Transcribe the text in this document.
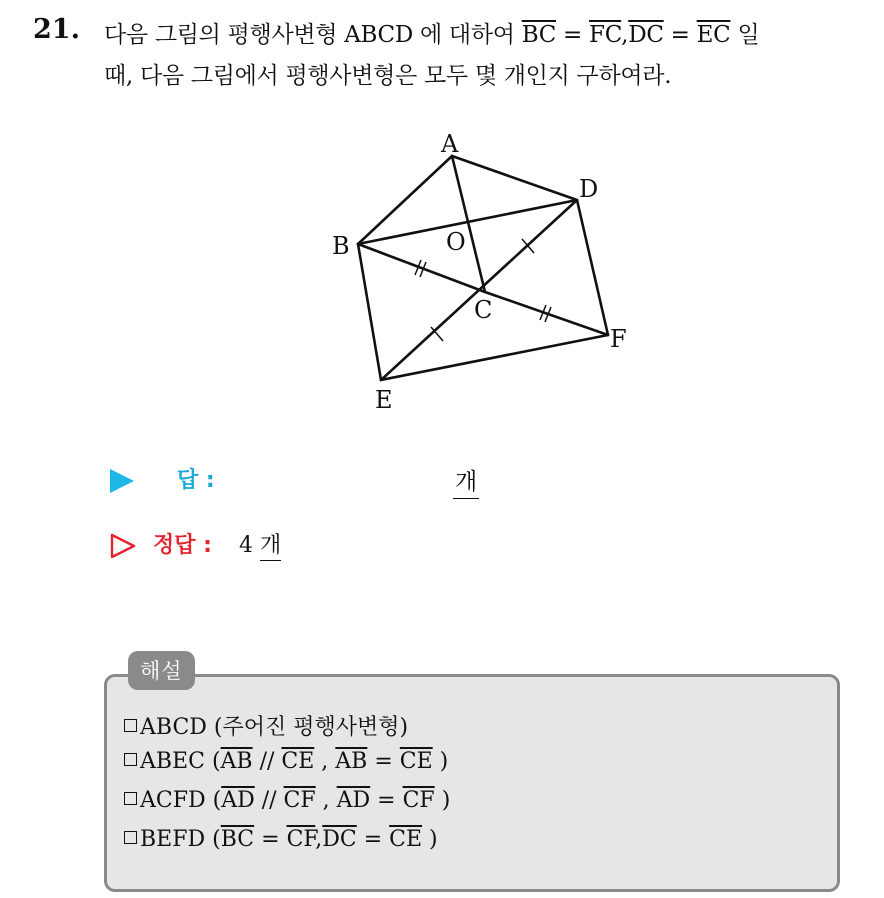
21. 다음 그림의 평행사변형 ABCD 에 대하여 $\overline{BC} = \overline{FC},\overline{DC} = \overline{EC}$ 일
때, 다음 그림에서 평행사변형은 모두 몇 개인지 구하여라.
A
B
C
D
E
F
O
답 :	개
정답 : 4 개
해설
ABCD (주어진 평행사변형)
ABEC ($\overline{AB} // \overline{CE}$ , $\overline{AB} = \overline{CE}$ )
ACFD ($\overline{AD} // \overline{CF}$ , $\overline{AD} = \overline{CF}$ )
BEFD ($\overline{BC} = \overline{CF},\overline{DC} = \overline{CE}$ )
